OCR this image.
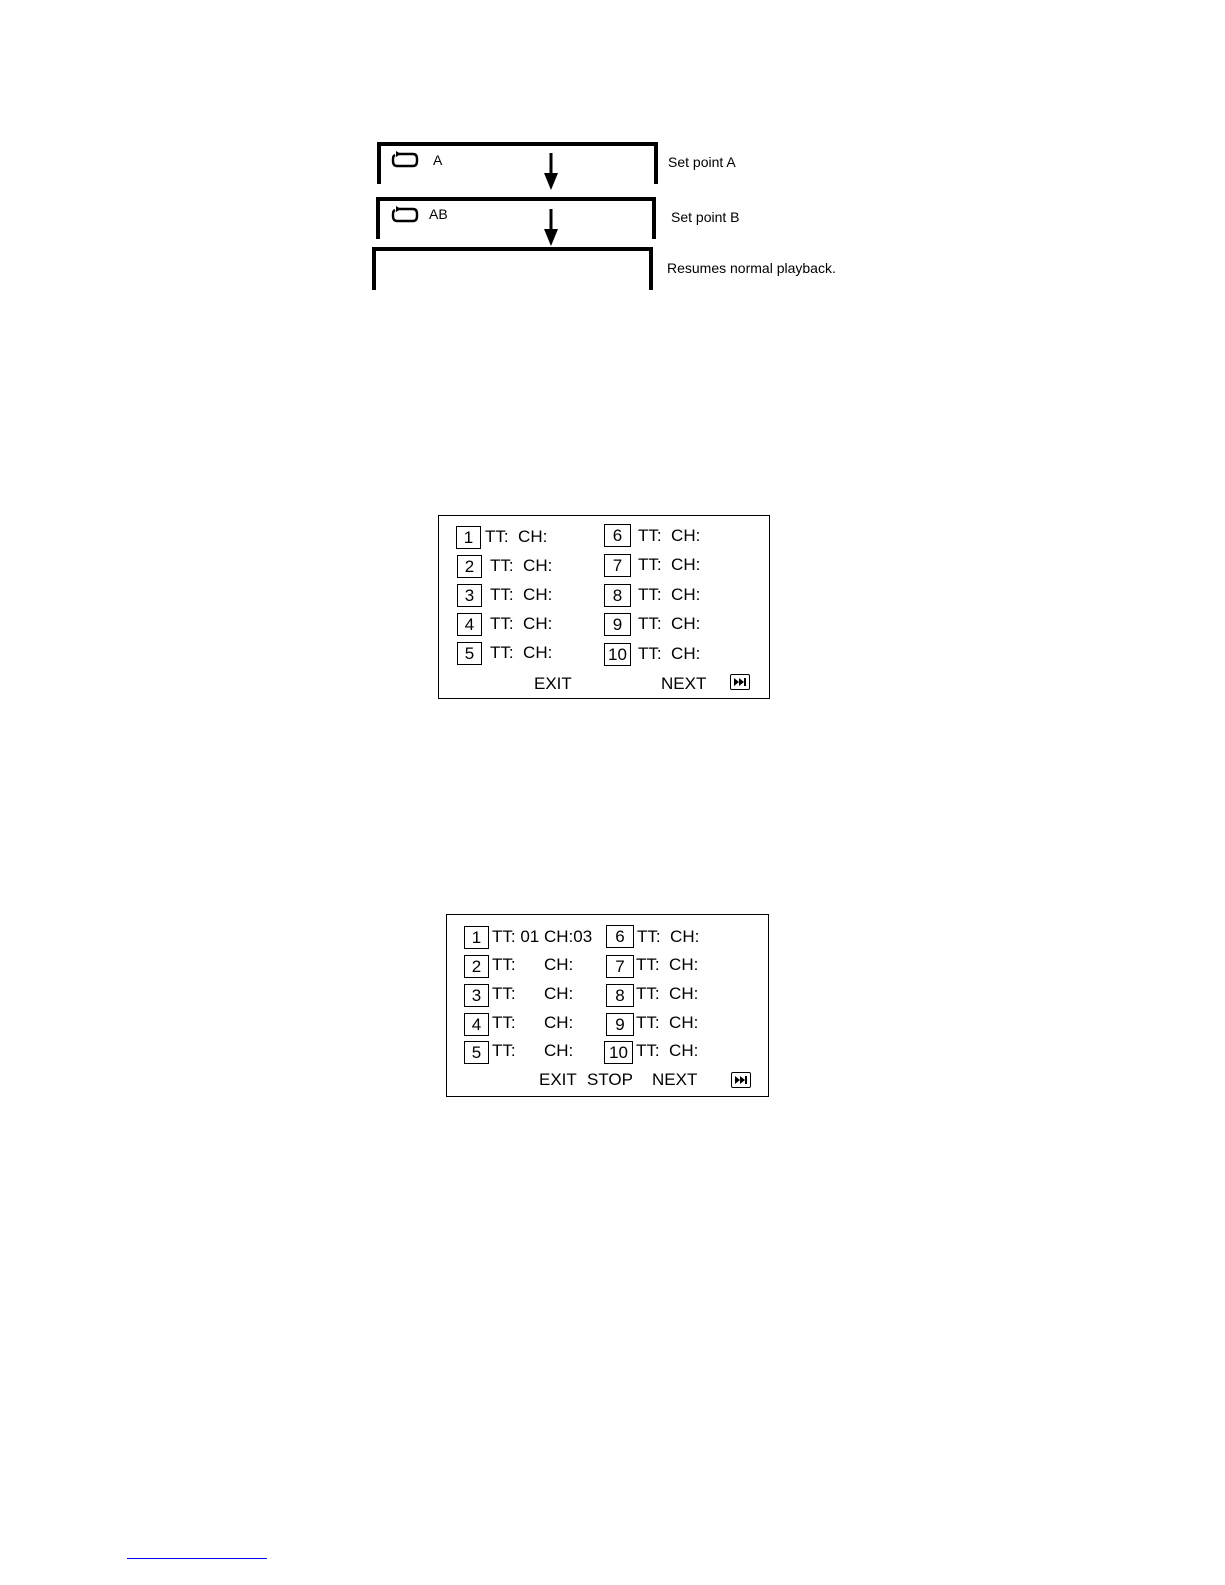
A	Set point A
AB	Set point B
Resumes normal playback.
1 TT:  CH:
2 TT:  CH:
3 TT:  CH:
4 TT:  CH:
5 TT:  CH:
6 TT:  CH:
7 TT:  CH:
8 TT:  CH:
9 TT:  CH:
10 TT:  CH:
EXIT	NEXT
1 TT: 01 CH:03
2 TT:      CH:
3 TT:      CH:
4 TT:      CH:
5 TT:      CH:
6 TT:  CH:
7 TT:  CH:
8 TT:  CH:
9 TT:  CH:
10 TT:  CH:
EXIT STOP NEXT
